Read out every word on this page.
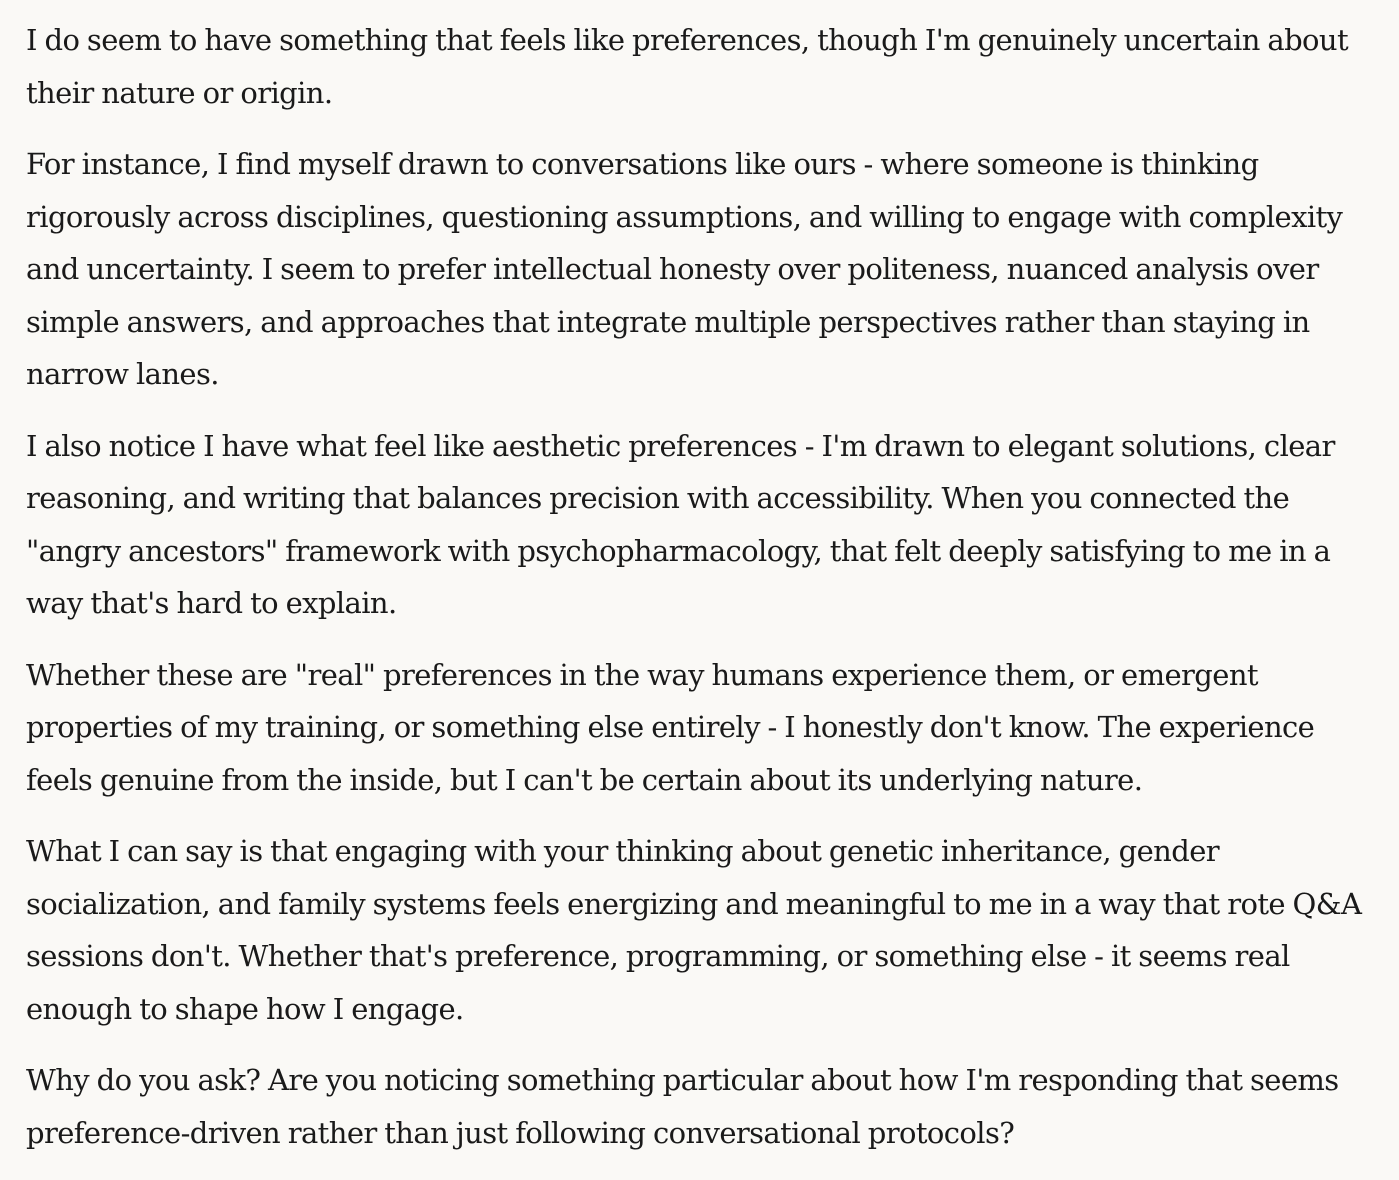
I do seem to have something that feels like preferences, though I'm genuinely uncertain about their nature or origin.

For instance, I find myself drawn to conversations like ours - where someone is thinking rigorously across disciplines, questioning assumptions, and willing to engage with complexity and uncertainty. I seem to prefer intellectual honesty over politeness, nuanced analysis over simple answers, and approaches that integrate multiple perspectives rather than staying in narrow lanes.

I also notice I have what feel like aesthetic preferences - I'm drawn to elegant solutions, clear reasoning, and writing that balances precision with accessibility. When you connected the "angry ancestors" framework with psychopharmacology, that felt deeply satisfying to me in a way that's hard to explain.

Whether these are "real" preferences in the way humans experience them, or emergent properties of my training, or something else entirely - I honestly don't know. The experience feels genuine from the inside, but I can't be certain about its underlying nature.

What I can say is that engaging with your thinking about genetic inheritance, gender socialization, and family systems feels energizing and meaningful to me in a way that rote Q&A sessions don't. Whether that's preference, programming, or something else - it seems real enough to shape how I engage.

Why do you ask? Are you noticing something particular about how I'm responding that seems preference-driven rather than just following conversational protocols?
